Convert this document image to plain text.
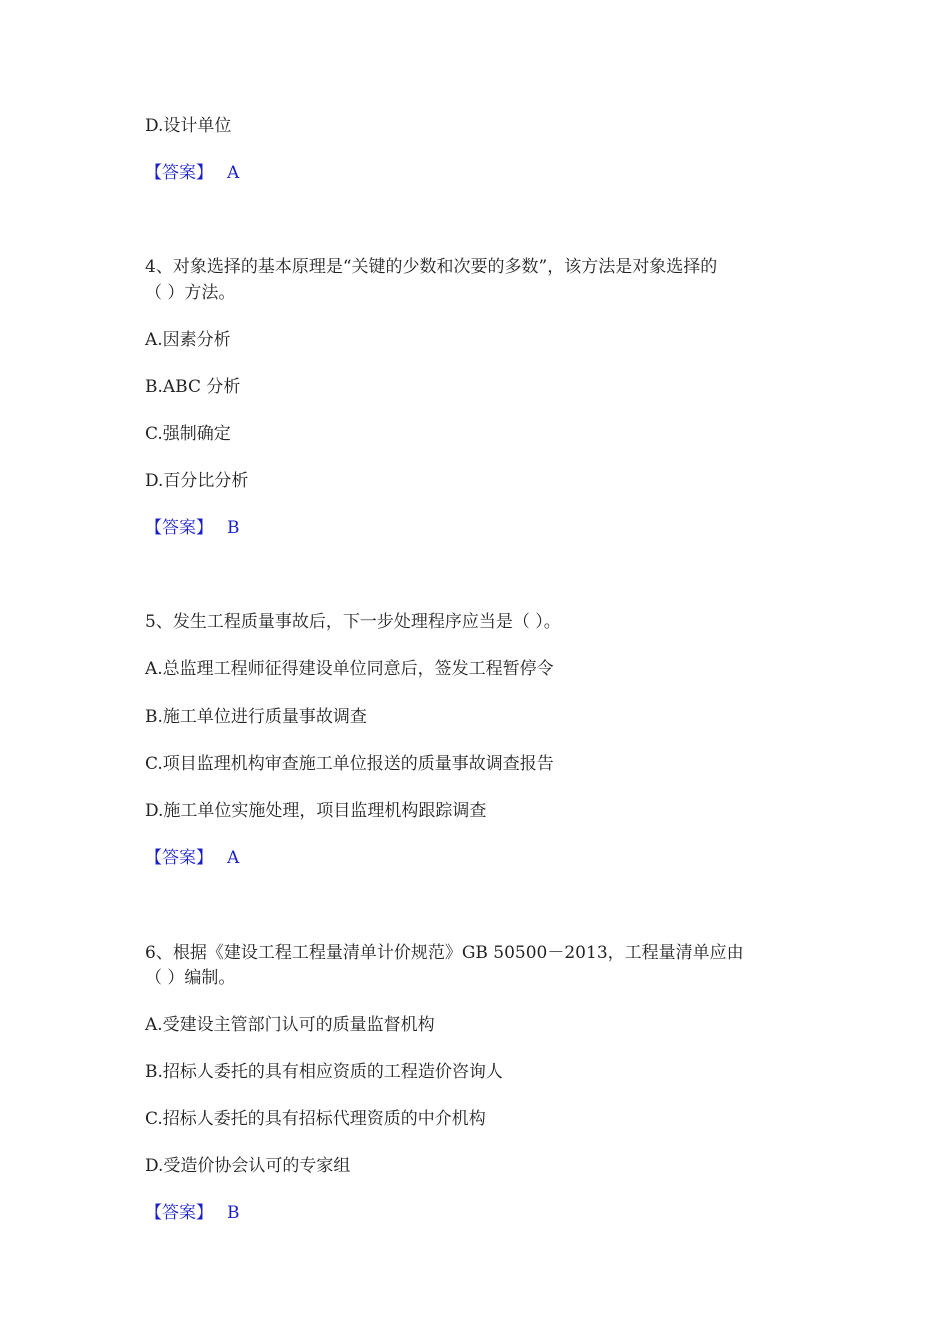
D.设计单位

【答案】 A

4、对象选择的基本原理是“关键的少数和次要的多数”，该方法是对象选择的

（ ）方法。

A.因素分析

B.ABC 分析

C.强制确定

D.百分比分析

【答案】 B

5、发生工程质量事故后，下一步处理程序应当是（ ）。

A.总监理工程师征得建设单位同意后，签发工程暂停令

B.施工单位进行质量事故调查

C.项目监理机构审查施工单位报送的质量事故调查报告

D.施工单位实施处理，项目监理机构跟踪调查

【答案】 A

6、根据《建设工程工程量清单计价规范》GB 50500－2013，工程量清单应由

（ ）编制。

A.受建设主管部门认可的质量监督机构

B.招标人委托的具有相应资质的工程造价咨询人

C.招标人委托的具有招标代理资质的中介机构

D.受造价协会认可的专家组

【答案】 B
